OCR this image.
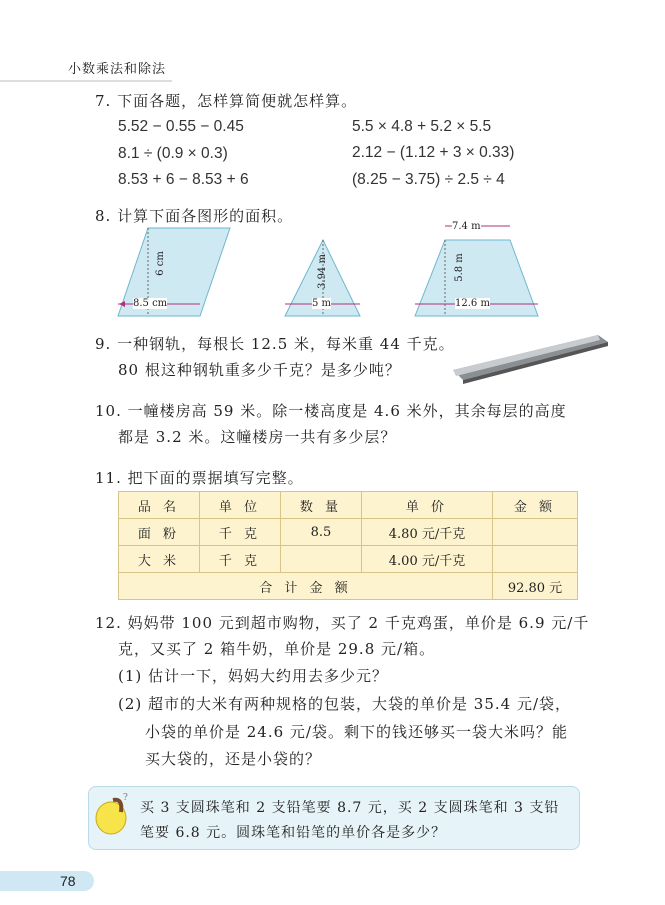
小数乘法和除法
7. 下面各题，怎样算简便就怎样算。
5.52 − 0.55 − 0.45	5.5 × 4.8 + 5.2 × 5.5
8.1 ÷ (0.9 × 0.3)	2.12 − (1.12 + 3 × 0.33)
8.53 + 6 − 8.53 + 6	(8.25 − 3.75) ÷ 2.5 ÷ 4
8. 计算下面各图形的面积。
8.5 cm
6 cm
5 m
3.94 m
7.4 m
5.8 m
12.6 m
9. 一种钢轨，每根长 12.5 米，每米重 44 千克。
80 根这种钢轨重多少千克？是多少吨？
10. 一幢楼房高 59 米。除一楼高度是 4.6 米外，其余每层的高度
都是 3.2 米。这幢楼房一共有多少层？
11. 把下面的票据填写完整。
品 名	单 位	数 量	单 价	金 额
面 粉	千 克	8.5	4.80 元/千克	
大 米	千 克		4.00 元/千克	
合 计 金 额				92.80 元
12. 妈妈带 100 元到超市购物，买了 2 千克鸡蛋，单价是 6.9 元/千
克，又买了 2 箱牛奶，单价是 29.8 元/箱。
(1) 估计一下，妈妈大约用去多少元？
(2) 超市的大米有两种规格的包装，大袋的单价是 35.4 元/袋，
小袋的单价是 24.6 元/袋。剩下的钱还够买一袋大米吗？能
买大袋的，还是小袋的？
?
买 3 支圆珠笔和 2 支铅笔要 8.7 元，买 2 支圆珠笔和 3 支铅
笔要 6.8 元。圆珠笔和铅笔的单价各是多少？
78
